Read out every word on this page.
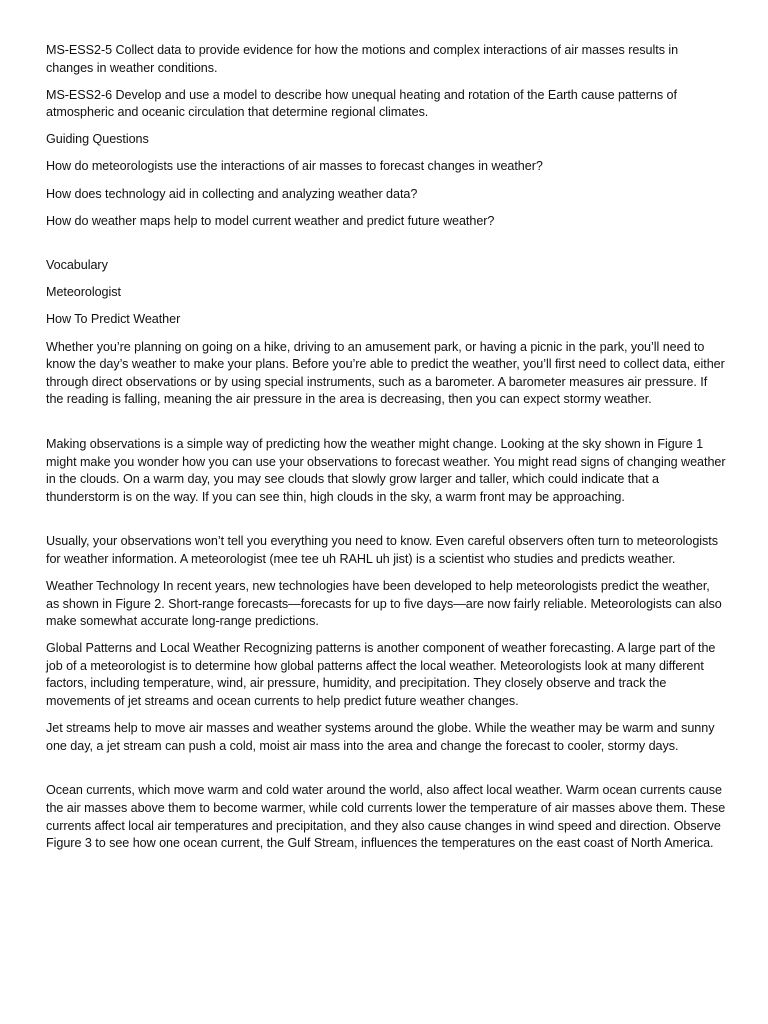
MS-ESS2-5 Collect data to provide evidence for how the motions and complex interactions of air masses results in changes in weather conditions.

MS-ESS2-6 Develop and use a model to describe how unequal heating and rotation of the Earth cause patterns of atmospheric and oceanic circulation that determine regional climates.

Guiding Questions

How do meteorologists use the interactions of air masses to forecast changes in weather?

How does technology aid in collecting and analyzing weather data?

How do weather maps help to model current weather and predict future weather?

Vocabulary

Meteorologist

How To Predict Weather

Whether you’re planning on going on a hike, driving to an amusement park, or having a picnic in the park, you’ll need to know the day’s weather to make your plans. Before you’re able to predict the weather, you’ll first need to collect data, either through direct observations or by using special instruments, such as a barometer. A barometer measures air pressure. If the reading is falling, meaning the air pressure in the area is decreasing, then you can expect stormy weather.

Making observations is a simple way of predicting how the weather might change. Looking at the sky shown in Figure 1 might make you wonder how you can use your observations to forecast weather. You might read signs of changing weather in the clouds. On a warm day, you may see clouds that slowly grow larger and taller, which could indicate that a thunderstorm is on the way. If you can see thin, high clouds in the sky, a warm front may be approaching.

Usually, your observations won’t tell you everything you need to know. Even careful observers often turn to meteorologists for weather information. A meteorologist (mee tee uh RAHL uh jist) is a scientist who studies and predicts weather.

Weather Technology In recent years, new technologies have been developed to help meteorologists predict the weather, as shown in Figure 2. Short-range forecasts—forecasts for up to five days—are now fairly reliable. Meteorologists can also make somewhat accurate long-range predictions.

Global Patterns and Local Weather Recognizing patterns is another component of weather forecasting. A large part of the job of a meteorologist is to determine how global patterns affect the local weather. Meteorologists look at many different factors, including temperature, wind, air pressure, humidity, and precipitation. They closely observe and track the movements of jet streams and ocean currents to help predict future weather changes.

Jet streams help to move air masses and weather systems around the globe. While the weather may be warm and sunny one day, a jet stream can push a cold, moist air mass into the area and change the forecast to cooler, stormy days.

Ocean currents, which move warm and cold water around the world, also affect local weather. Warm ocean currents cause the air masses above them to become warmer, while cold currents lower the temperature of air masses above them. These currents affect local air temperatures and precipitation, and they also cause changes in wind speed and direction. Observe Figure 3 to see how one ocean current, the Gulf Stream, influences the temperatures on the east coast of North America.
